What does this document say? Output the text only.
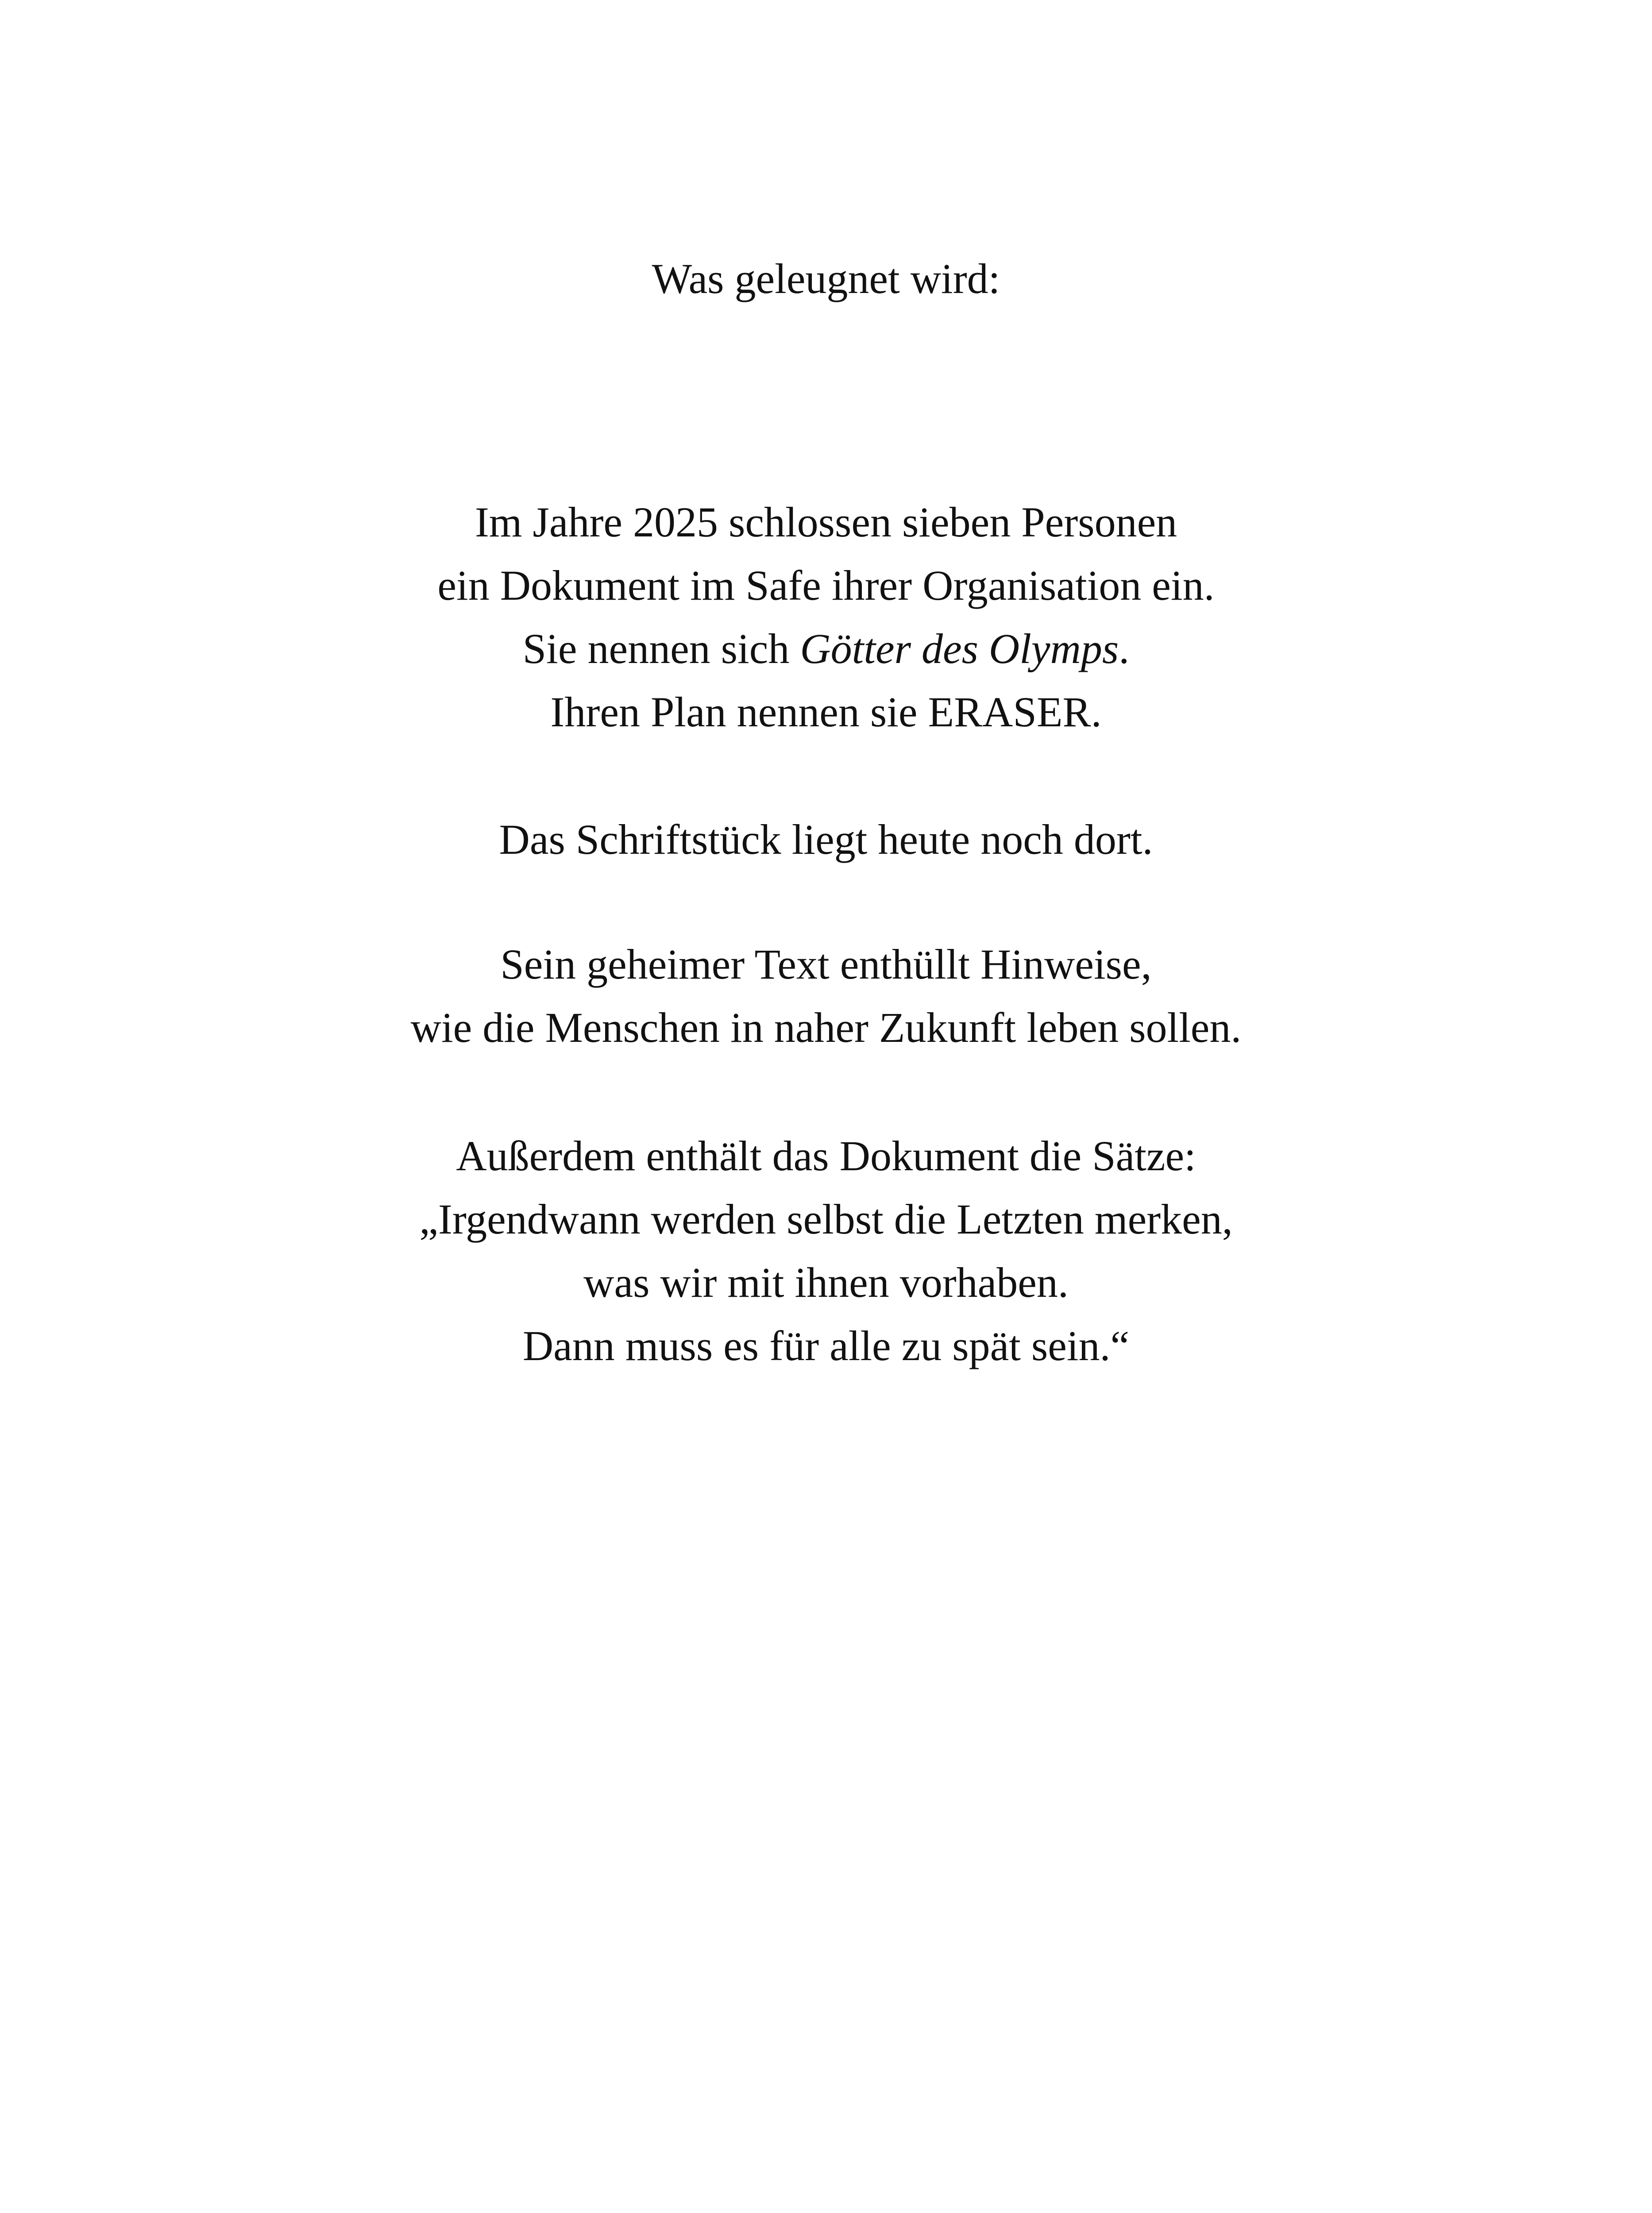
Was geleugnet wird:
Im Jahre 2025 schlossen sieben Personen
ein Dokument im Safe ihrer Organisation ein.
Sie nennen sich Götter des Olymps.
Ihren Plan nennen sie ERASER.
Das Schriftstück liegt heute noch dort.
Sein geheimer Text enthüllt Hinweise,
wie die Menschen in naher Zukunft leben sollen.
Außerdem enthält das Dokument die Sätze:
„Irgendwann werden selbst die Letzten merken,
was wir mit ihnen vorhaben.
Dann muss es für alle zu spät sein.“
